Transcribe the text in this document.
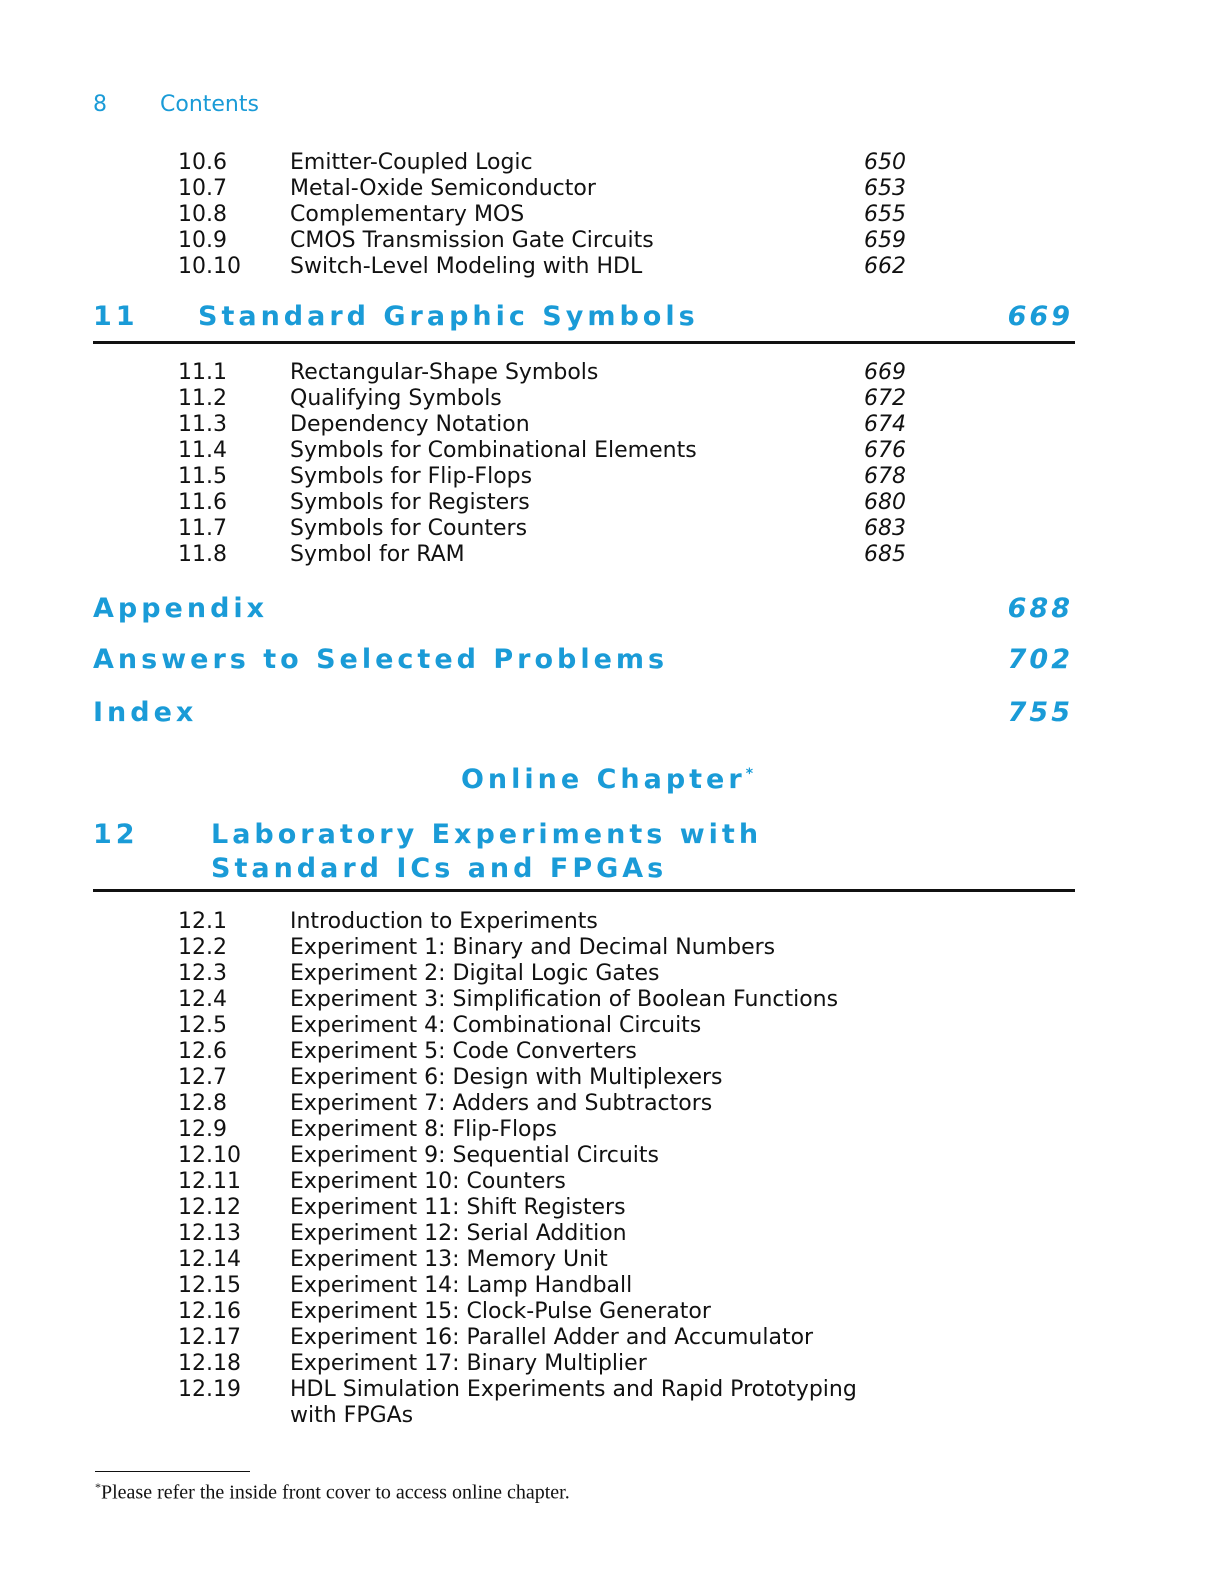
8 Contents
10.6	Emitter-Coupled Logic	650
10.7	Metal-Oxide Semiconductor	653
10.8	Complementary MOS	655
10.9	CMOS Transmission Gate Circuits	659
10.10 Switch-Level Modeling with HDL	662
11 Standard Graphic Symbols	669
11.1	Rectangular-Shape Symbols	669
11.2	Qualifying Symbols	672
11.3	Dependency Notation	674
11.4	Symbols for Combinational Elements	676
11.5	Symbols for Flip-Flops	678
11.6	Symbols for Registers	680
11.7	Symbols for Counters	683
11.8	Symbol for RAM	685
Appendix	688
Answers to Selected Problems	702
Index	755
Online Chapter*
12	Laboratory Experiments with
Standard ICs and FPGAs
12.1	Introduction to Experiments
12.2	Experiment 1: Binary and Decimal Numbers
12.3	Experiment 2: Digital Logic Gates
12.4	Experiment 3: Simplification of Boolean Functions
12.5	Experiment 4: Combinational Circuits
12.6	Experiment 5: Code Converters
12.7	Experiment 6: Design with Multiplexers
12.8	Experiment 7: Adders and Subtractors
12.9	Experiment 8: Flip-Flops
12.10 Experiment 9: Sequential Circuits
12.11 Experiment 10: Counters
12.12 Experiment 11: Shift Registers
12.13 Experiment 12: Serial Addition
12.14 Experiment 13: Memory Unit
12.15 Experiment 14: Lamp Handball
12.16 Experiment 15: Clock-Pulse Generator
12.17 Experiment 16: Parallel Adder and Accumulator
12.18 Experiment 17: Binary Multiplier
12.19 HDL Simulation Experiments and Rapid Prototyping
with FPGAs
*Please refer the inside front cover to access online chapter.
